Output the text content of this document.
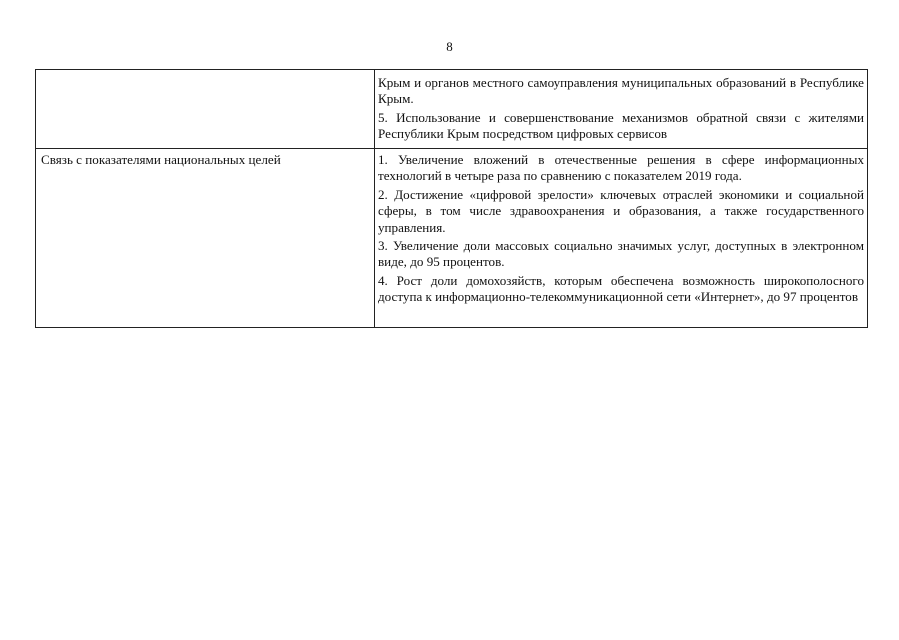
8

	Крым и органов местного самоуправления муниципальных образований в Республике Крым.

5. Использование и совершенствование механизмов обратной связи с жителями Республики Крым посредством цифровых сервисов

Связь с показателями национальных целей	1. Увеличение вложений в отечественные решения в сфере информационных технологий в четыре раза по сравнению с показателем 2019 года.

2. Достижение «цифровой зрелости» ключевых отраслей экономики и социальной сферы, в том числе здравоохранения и образования, а также государственного управления.

3. Увеличение доли массовых социально значимых услуг, доступных в электронном виде, до 95 процентов.

4. Рост доли домохозяйств, которым обеспечена возможность широкополосного доступа к информационно-телекоммуникационной сети «Интернет», до 97 процентов
